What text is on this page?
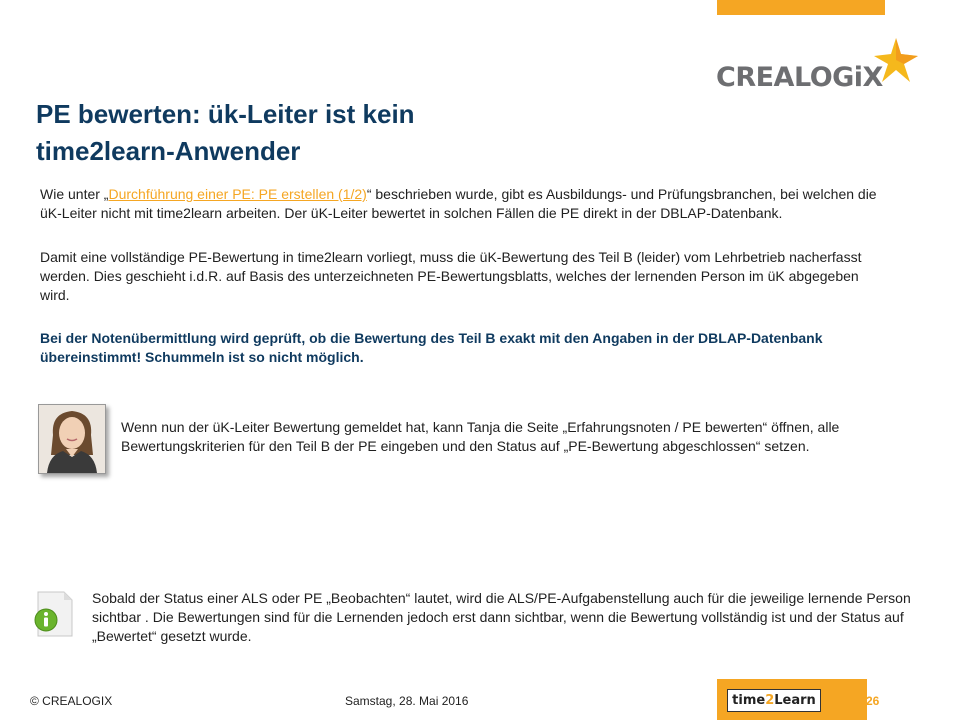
CREALOGiX
PE bewerten: ük-Leiter ist kein
time2learn-Anwender

Wie unter „Durchführung einer PE: PE erstellen (1/2)“ beschrieben wurde, gibt es Ausbildungs- und Prüfungsbranchen, bei welchen die üK-Leiter nicht mit time2learn arbeiten. Der üK-Leiter bewertet in solchen Fällen die PE direkt in der DBLAP-Datenbank.

Damit eine vollständige PE-Bewertung in time2learn vorliegt, muss die üK-Bewertung des Teil B (leider) vom Lehrbetrieb nacherfasst werden. Dies geschieht i.d.R. auf Basis des unterzeichneten PE-Bewertungsblatts, welches der lernenden Person im üK abgegeben wird.

Bei der Notenübermittlung wird geprüft, ob die Bewertung des Teil B exakt mit den Angaben in der DBLAP-Datenbank übereinstimmt! Schummeln ist so nicht möglich.

Wenn nun der üK-Leiter Bewertung gemeldet hat, kann Tanja die Seite „Erfahrungsnoten / PE bewerten“ öffnen, alle Bewertungskriterien für den Teil B der PE eingeben und den Status auf „PE-Bewertung abgeschlossen“ setzen.

Sobald der Status einer ALS oder PE „Beobachten“ lautet, wird die ALS/PE-Aufgabenstellung auch für die jeweilige lernende Person sichtbar . Die Bewertungen sind für die Lernenden jedoch erst dann sichtbar, wenn die Bewertung vollständig ist und der Status auf „Bewertet“ gesetzt wurde.

© CREALOGIX	Samstag, 28. Mai 2016	time2Learn	26
